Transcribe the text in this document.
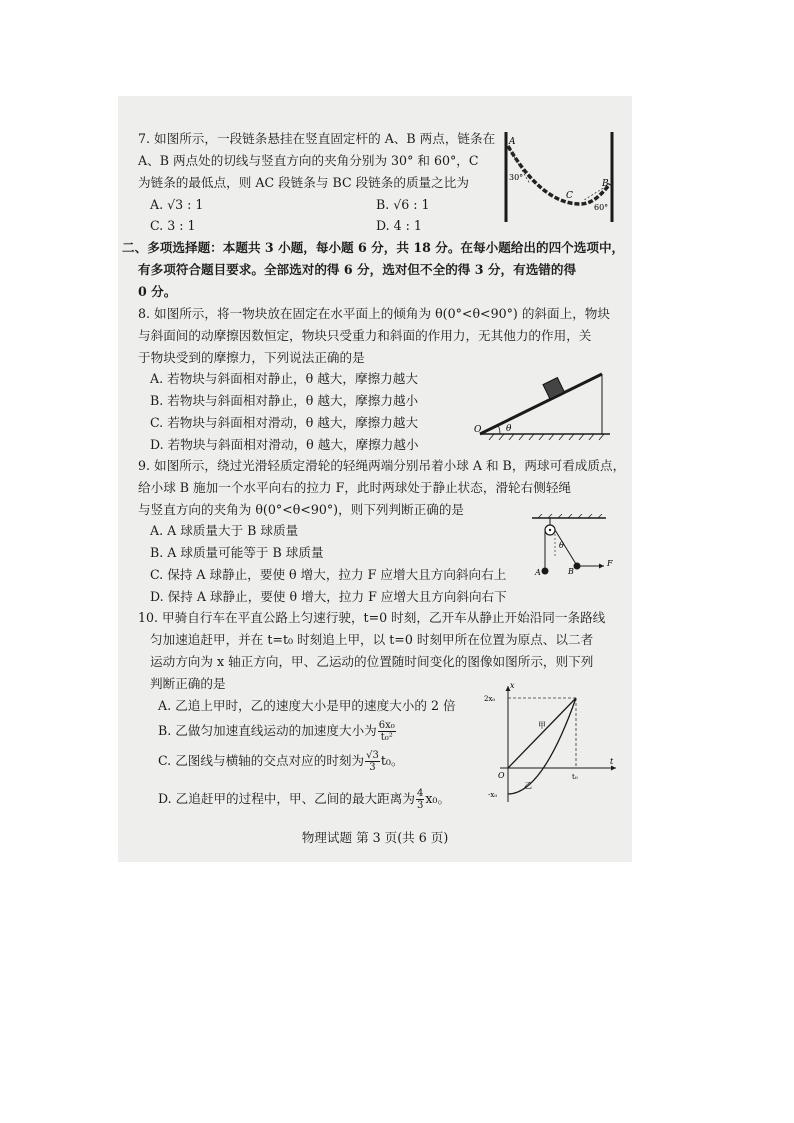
7. 如图所示，一段链条悬挂在竖直固定杆的 A、B 两点，链条在
A、B 两点处的切线与竖直方向的夹角分别为 30° 和 60°，C
为链条的最低点，则 AC 段链条与 BC 段链条的质量之比为
A. √3 : 1	B. √6 : 1
C. 3 : 1	D. 4 : 1
A
30°
C
B
60°
二、多项选择题：本题共 3 小题，每小题 6 分，共 18 分。在每小题给出的四个选项中，
有多项符合题目要求。全部选对的得 6 分，选对但不全的得 3 分，有选错的得
0 分。
8. 如图所示，将一物块放在固定在水平面上的倾角为 θ(0°<θ<90°) 的斜面上，物块
与斜面间的动摩擦因数恒定，物块只受重力和斜面的作用力，无其他力的作用，关
于物块受到的摩擦力，下列说法正确的是
A. 若物块与斜面相对静止，θ 越大，摩擦力越大
B. 若物块与斜面相对静止，θ 越大，摩擦力越小
C. 若物块与斜面相对滑动，θ 越大，摩擦力越大
D. 若物块与斜面相对滑动，θ 越大，摩擦力越小
O	θ
9. 如图所示，绕过光滑轻质定滑轮的轻绳两端分别吊着小球 A 和 B，两球可看成质点，
给小球 B 施加一个水平向右的拉力 F，此时两球处于静止状态，滑轮右侧轻绳
与竖直方向的夹角为 θ(0°<θ<90°)，则下列判断正确的是
A. A 球质量大于 B 球质量
B. A 球质量可能等于 B 球质量
C. 保持 A 球静止，要使 θ 增大，拉力 F 应增大且方向斜向右上
D. 保持 A 球静止，要使 θ 增大，拉力 F 应增大且方向斜向右下
A	B
F
θ
10. 甲骑自行车在平直公路上匀速行驶，t=0 时刻，乙开车从静止开始沿同一条路线
匀加速追赶甲，并在 t=t₀ 时刻追上甲，以 t=0 时刻甲所在位置为原点、以二者
运动方向为 x 轴正方向，甲、乙运动的位置随时间变化的图像如图所示，则下列
判断正确的是
A. 乙追上甲时，乙的速度大小是甲的速度大小的 2 倍
B. 乙做匀加速直线运动的加速度大小为 $\frac{\text{6x₀}}{\text{t₀²}}$
C. 乙图线与横轴的交点对应的时刻为 $\frac{√3}{3} t_0$。
D. 乙追赶甲的过程中，甲、乙间的最大距离为 $\frac{4}{3} x_0$。
x
t
O
2x₀
-x₀
t₀
甲
乙
物理试题 第 3 页(共 6 页)
